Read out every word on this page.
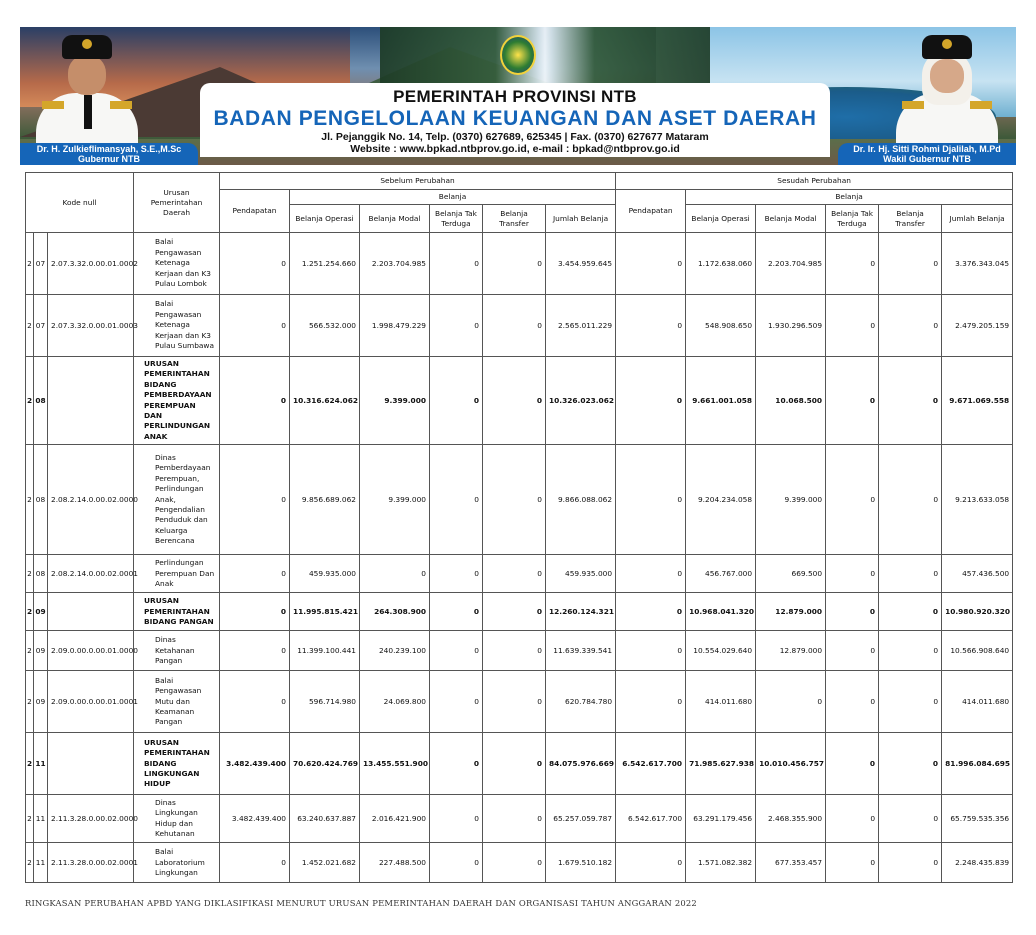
PEMERINTAH PROVINSI NTB
BADAN PENGELOLAAN KEUANGAN DAN ASET DAERAH
Jl. Pejanggik No. 14, Telp. (0370) 627689, 625345 | Fax. (0370) 627677 Mataram
Website : www.bpkad.ntbprov.go.id, e-mail : bpkad@ntbprov.go.id
Dr. H. Zulkieflimansyah, S.E.,M.Sc
Gubernur NTB
Dr. Ir. Hj. Sitti Rohmi Djalilah, M.Pd
Wakil Gubernur NTB
Kode null			Urusan Pemerintahan Daerah	Sebelum Perubahan						Sesudah Perubahan					
				Pendapatan	Belanja					Pendapatan	Belanja				
					Belanja Operasi	Belanja Modal	Belanja Tak Terduga	Belanja Transfer	Jumlah Belanja		Belanja Operasi	Belanja Modal	Belanja Tak Terduga	Belanja Transfer	Jumlah Belanja
2	07	2.07.3.32.0.00.01.0002	Balai Pengawasan Ketenaga Kerjaan dan K3 Pulau Lombok	0	1.251.254.660	2.203.704.985	0	0	3.454.959.645	0	1.172.638.060	2.203.704.985	0	0	3.376.343.045
2	07	2.07.3.32.0.00.01.0003	Balai Pengawasan Ketenaga Kerjaan dan K3 Pulau Sumbawa	0	566.532.000	1.998.479.229	0	0	2.565.011.229	0	548.908.650	1.930.296.509	0	0	2.479.205.159
2	08		URUSAN PEMERINTAHAN BIDANG PEMBERDAYAAN PEREMPUAN DAN PERLINDUNGAN ANAK	0	10.316.624.062	9.399.000	0	0	10.326.023.062	0	9.661.001.058	10.068.500	0	0	9.671.069.558
2	08	2.08.2.14.0.00.02.0000	Dinas Pemberdayaan Perempuan, Perlindungan Anak, Pengendalian Penduduk dan Keluarga Berencana	0	9.856.689.062	9.399.000	0	0	9.866.088.062	0	9.204.234.058	9.399.000	0	0	9.213.633.058
2	08	2.08.2.14.0.00.02.0001	Perlindungan Perempuan Dan Anak	0	459.935.000	0	0	0	459.935.000	0	456.767.000	669.500	0	0	457.436.500
2	09		URUSAN PEMERINTAHAN BIDANG PANGAN	0	11.995.815.421	264.308.900	0	0	12.260.124.321	0	10.968.041.320	12.879.000	0	0	10.980.920.320
2	09	2.09.0.00.0.00.01.0000	Dinas Ketahanan Pangan	0	11.399.100.441	240.239.100	0	0	11.639.339.541	0	10.554.029.640	12.879.000	0	0	10.566.908.640
2	09	2.09.0.00.0.00.01.0001	Balai Pengawasan Mutu dan Keamanan Pangan	0	596.714.980	24.069.800	0	0	620.784.780	0	414.011.680	0	0	0	414.011.680
2	11		URUSAN PEMERINTAHAN BIDANG LINGKUNGAN HIDUP	3.482.439.400	70.620.424.769	13.455.551.900	0	0	84.075.976.669	6.542.617.700	71.985.627.938	10.010.456.757	0	0	81.996.084.695
2	11	2.11.3.28.0.00.02.0000	Dinas Lingkungan Hidup dan Kehutanan	3.482.439.400	63.240.637.887	2.016.421.900	0	0	65.257.059.787	6.542.617.700	63.291.179.456	2.468.355.900	0	0	65.759.535.356
2	11	2.11.3.28.0.00.02.0001	Balai Laboratorium Lingkungan	0	1.452.021.682	227.488.500	0	0	1.679.510.182	0	1.571.082.382	677.353.457	0	0	2.248.435.839
RINGKASAN PERUBAHAN APBD YANG DIKLASIFIKASI MENURUT URUSAN PEMERINTAHAN DAERAH DAN ORGANISASI TAHUN ANGGARAN 2022
